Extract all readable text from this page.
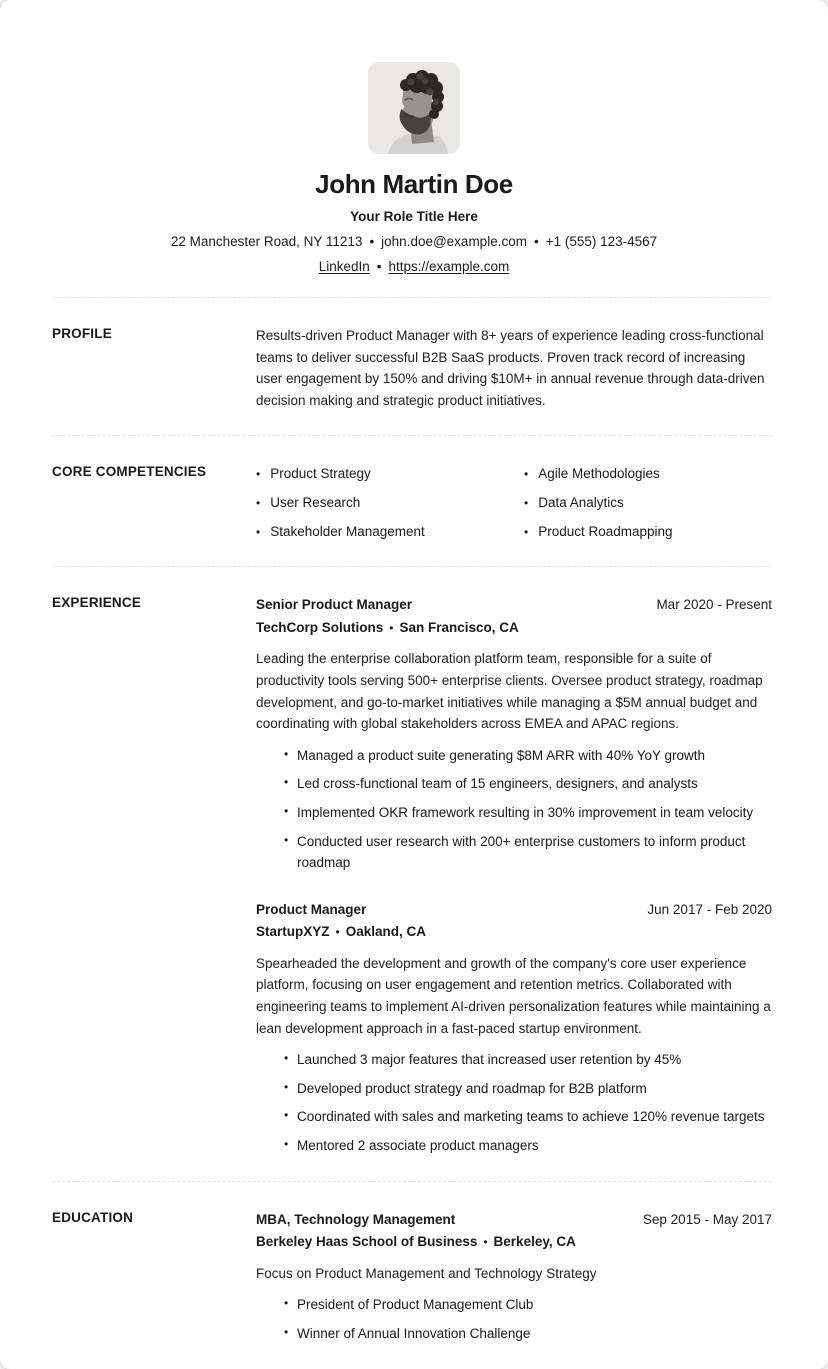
John Martin Doe
Your Role Title Here
22 Manchester Road, NY 11213 • john.doe@example.com • +1 (555) 123-4567
LinkedIn • https://example.com
PROFILE	Results-driven Product Manager with 8+ years of experience leading cross-functional teams to deliver successful B2B SaaS products. Proven track record of increasing user engagement by 150% and driving $10M+ in annual revenue through data-driven decision making and strategic product initiatives.

CORE COMPETENCIES	• Product Strategy	• Agile Methodologies
• User Research	• Data Analytics
• Stakeholder Management	• Product Roadmapping
EXPERIENCE	Senior Product Manager	Mar 2020 - Present
TechCorp Solutions • San Francisco, CA

Leading the enterprise collaboration platform team, responsible for a suite of productivity tools serving 500+ enterprise clients. Oversee product strategy, roadmap development, and go-to-market initiatives while managing a $5M annual budget and coordinating with global stakeholders across EMEA and APAC regions.

• Managed a product suite generating $8M ARR with 40% YoY growth
• Led cross-functional team of 15 engineers, designers, and analysts
• Implemented OKR framework resulting in 30% improvement in team velocity
• Conducted user research with 200+ enterprise customers to inform product roadmap
Product Manager	Jun 2017 - Feb 2020
StartupXYZ • Oakland, CA

Spearheaded the development and growth of the company's core user experience platform, focusing on user engagement and retention metrics. Collaborated with engineering teams to implement AI-driven personalization features while maintaining a lean development approach in a fast-paced startup environment.

• Launched 3 major features that increased user retention by 45%
• Developed product strategy and roadmap for B2B platform
• Coordinated with sales and marketing teams to achieve 120% revenue targets
• Mentored 2 associate product managers
EDUCATION	MBA, Technology Management	Sep 2015 - May 2017
Berkeley Haas School of Business • Berkeley, CA

Focus on Product Management and Technology Strategy

• President of Product Management Club
• Winner of Annual Innovation Challenge
